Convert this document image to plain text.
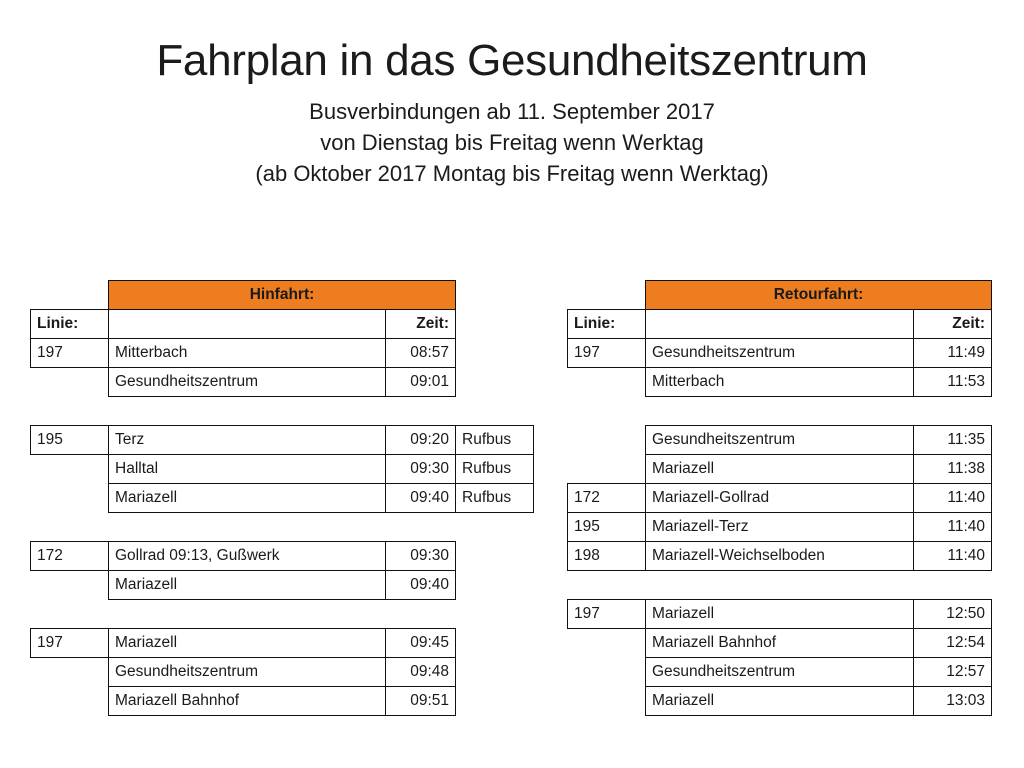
Fahrplan in das Gesundheitszentrum
Busverbindungen ab 11. September 2017
von Dienstag bis Freitag wenn Werktag
(ab Oktober 2017 Montag bis Freitag wenn Werktag)
	Hinfahrt:		
Linie:		Zeit:	
197	Mitterbach	08:57	
	Gesundheitszentrum	09:01	

195	Terz	09:20	Rufbus
	Halltal	09:30	Rufbus
	Mariazell	09:40	Rufbus

172	Gollrad 09:13, Gußwerk	09:30	
	Mariazell	09:40	

197	Mariazell	09:45	
	Gesundheitszentrum	09:48	
	Mariazell Bahnhof	09:51	
	Retourfahrt:	
Linie:		Zeit:
197	Gesundheitszentrum	11:49
	Mitterbach	11:53

	Gesundheitszentrum	11:35
	Mariazell	11:38
172	Mariazell-Gollrad	11:40
195	Mariazell-Terz	11:40
198	Mariazell-Weichselboden	11:40

197	Mariazell	12:50
	Mariazell Bahnhof	12:54
	Gesundheitszentrum	12:57
	Mariazell	13:03
